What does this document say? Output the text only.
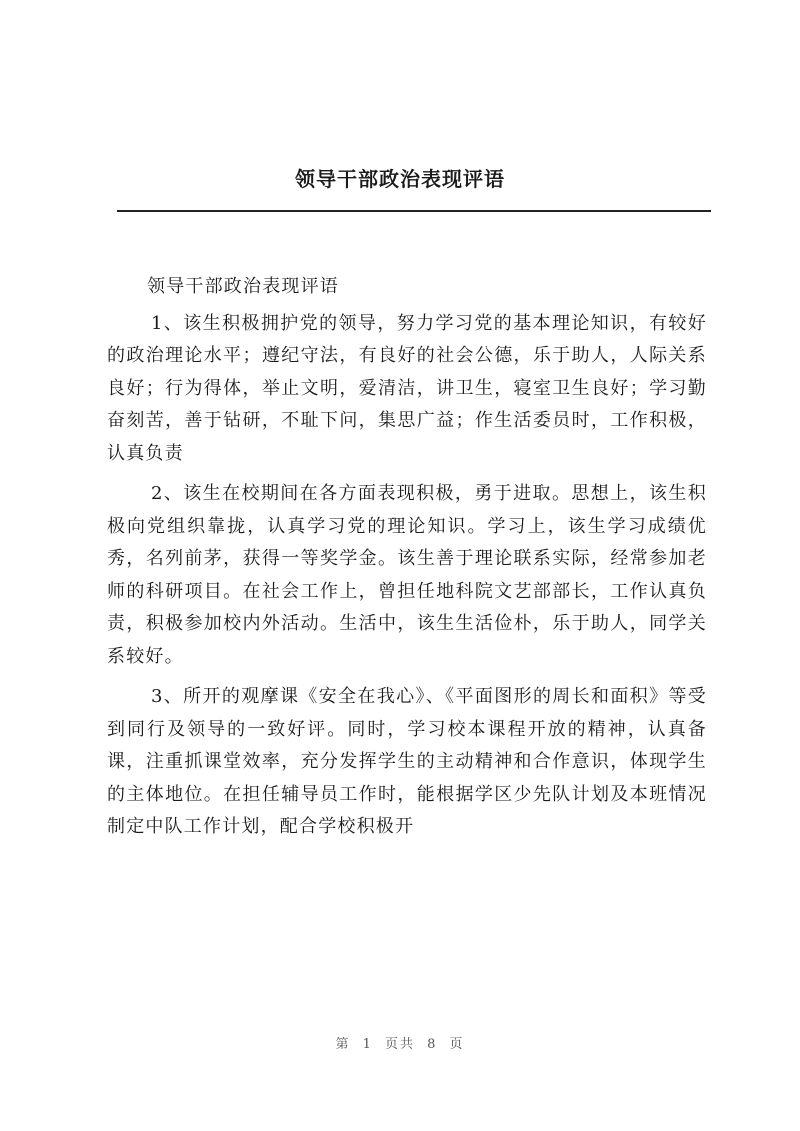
领导干部政治表现评语

领导干部政治表现评语

1、该生积极拥护党的领导，努力学习党的基本理论知识，有较好的政治理论水平；遵纪守法，有良好的社会公德，乐于助人，人际关系良好；行为得体，举止文明，爱清洁，讲卫生，寝室卫生良好；学习勤奋刻苦，善于钻研，不耻下问，集思广益；作生活委员时，工作积极，认真负责

2、该生在校期间在各方面表现积极，勇于进取。思想上，该生积极向党组织靠拢，认真学习党的理论知识。学习上，该生学习成绩优秀，名列前茅，获得一等奖学金。该生善于理论联系实际，经常参加老师的科研项目。在社会工作上，曾担任地科院文艺部部长，工作认真负责，积极参加校内外活动。生活中，该生生活俭朴，乐于助人，同学关系较好。

3、所开的观摩课《安全在我心》、《平面图形的周长和面积》等受到同行及领导的一致好评。同时，学习校本课程开放的精神，认真备课，注重抓课堂效率，充分发挥学生的主动精神和合作意识，体现学生的主体地位。在担任辅导员工作时，能根据学区少先队计划及本班情况制定中队工作计划，配合学校积极开

第 1 页共 8 页
